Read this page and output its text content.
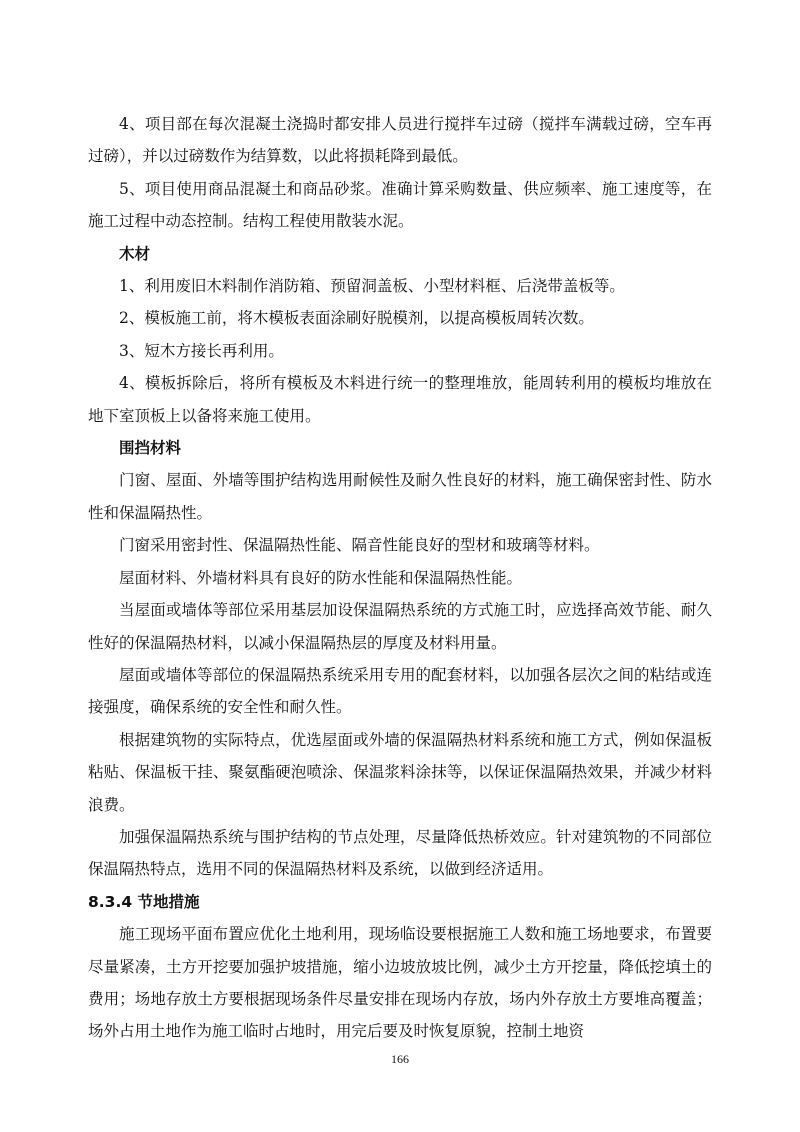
4、项目部在每次混凝土浇捣时都安排人员进行搅拌车过磅（搅拌车满载过磅，空车再过磅），并以过磅数作为结算数，以此将损耗降到最低。

5、项目使用商品混凝土和商品砂浆。准确计算采购数量、供应频率、施工速度等，在施工过程中动态控制。结构工程使用散装水泥。

木材

1、利用废旧木料制作消防箱、预留洞盖板、小型材料框、后浇带盖板等。

2、模板施工前，将木模板表面涂刷好脱模剂，以提高模板周转次数。

3、短木方接长再利用。

4、模板拆除后，将所有模板及木料进行统一的整理堆放，能周转利用的模板均堆放在地下室顶板上以备将来施工使用。

围挡材料

门窗、屋面、外墙等围护结构选用耐候性及耐久性良好的材料，施工确保密封性、防水性和保温隔热性。

门窗采用密封性、保温隔热性能、隔音性能良好的型材和玻璃等材料。

屋面材料、外墙材料具有良好的防水性能和保温隔热性能。

当屋面或墙体等部位采用基层加设保温隔热系统的方式施工时，应选择高效节能、耐久性好的保温隔热材料，以减小保温隔热层的厚度及材料用量。

屋面或墙体等部位的保温隔热系统采用专用的配套材料，以加强各层次之间的粘结或连接强度，确保系统的安全性和耐久性。

根据建筑物的实际特点，优选屋面或外墙的保温隔热材料系统和施工方式，例如保温板粘贴、保温板干挂、聚氨酯硬泡喷涂、保温浆料涂抹等，以保证保温隔热效果，并减少材料浪费。

加强保温隔热系统与围护结构的节点处理，尽量降低热桥效应。针对建筑物的不同部位保温隔热特点，选用不同的保温隔热材料及系统，以做到经济适用。

8.3.4 节地措施

施工现场平面布置应优化土地利用，现场临设要根据施工人数和施工场地要求，布置要尽量紧凑，土方开挖要加强护坡措施，缩小边坡放坡比例，减少土方开挖量，降低挖填土的费用；场地存放土方要根据现场条件尽量安排在现场内存放，场内外存放土方要堆高覆盖；场外占用土地作为施工临时占地时，用完后要及时恢复原貌，控制土地资

166
